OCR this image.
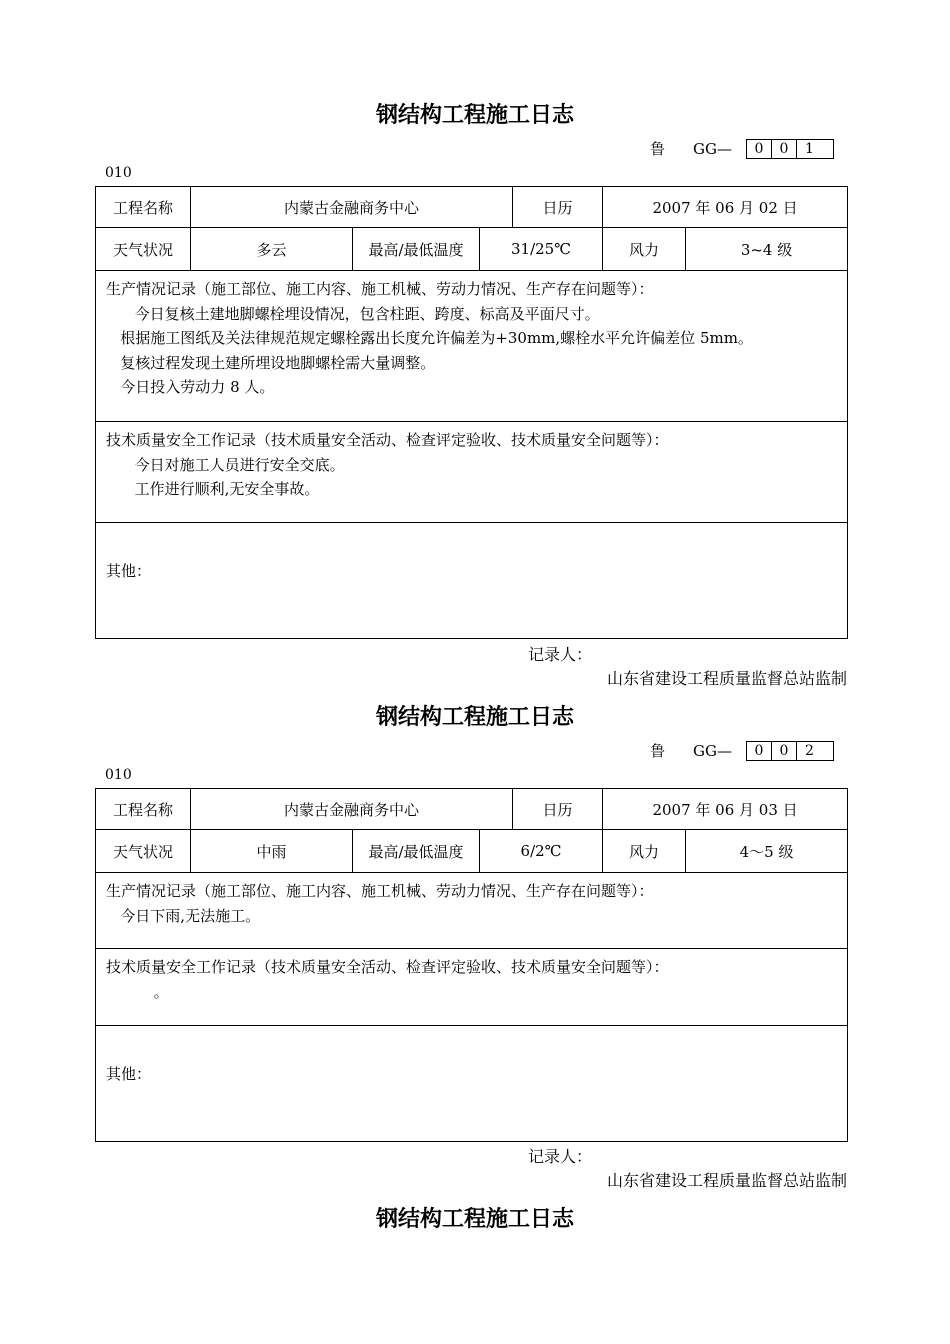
钢结构工程施工日志
鲁 GG—	0	0	1
010
工程名称	内蒙古金融商务中心			日历	2007 年 06 月 02 日	
天气状况	多云	最高/最低温度	31/25℃		风力	3~4 级

生产情况记录（施工部位、施工内容、施工机械、劳动力情况、生产存在问题等）：
今日复核土建地脚螺栓埋设情况，包含柱距、跨度、标高及平面尺寸。
根据施工图纸及关法律规范规定螺栓露出长度允许偏差为+30mm,螺栓水平允许偏差位 5mm。
复核过程发现土建所埋设地脚螺栓需大量调整。
今日投入劳动力 8 人。						

技术质量安全工作记录（技术质量安全活动、检查评定验收、技术质量安全问题等）：
今日对施工人员进行安全交底。
工作进行顺利,无安全事故。						

其他：						
记录人：
山东省建设工程质量监督总站监制
钢结构工程施工日志
鲁 GG—	0	0	2
010
工程名称	内蒙古金融商务中心			日历	2007 年 06 月 03 日	
天气状况	中雨	最高/最低温度	6/2℃		风力	4～5 级

生产情况记录（施工部位、施工内容、施工机械、劳动力情况、生产存在问题等）：
今日下雨,无法施工。						

技术质量安全工作记录（技术质量安全活动、检查评定验收、技术质量安全问题等）：
。						

其他：						
记录人：
山东省建设工程质量监督总站监制
钢结构工程施工日志
